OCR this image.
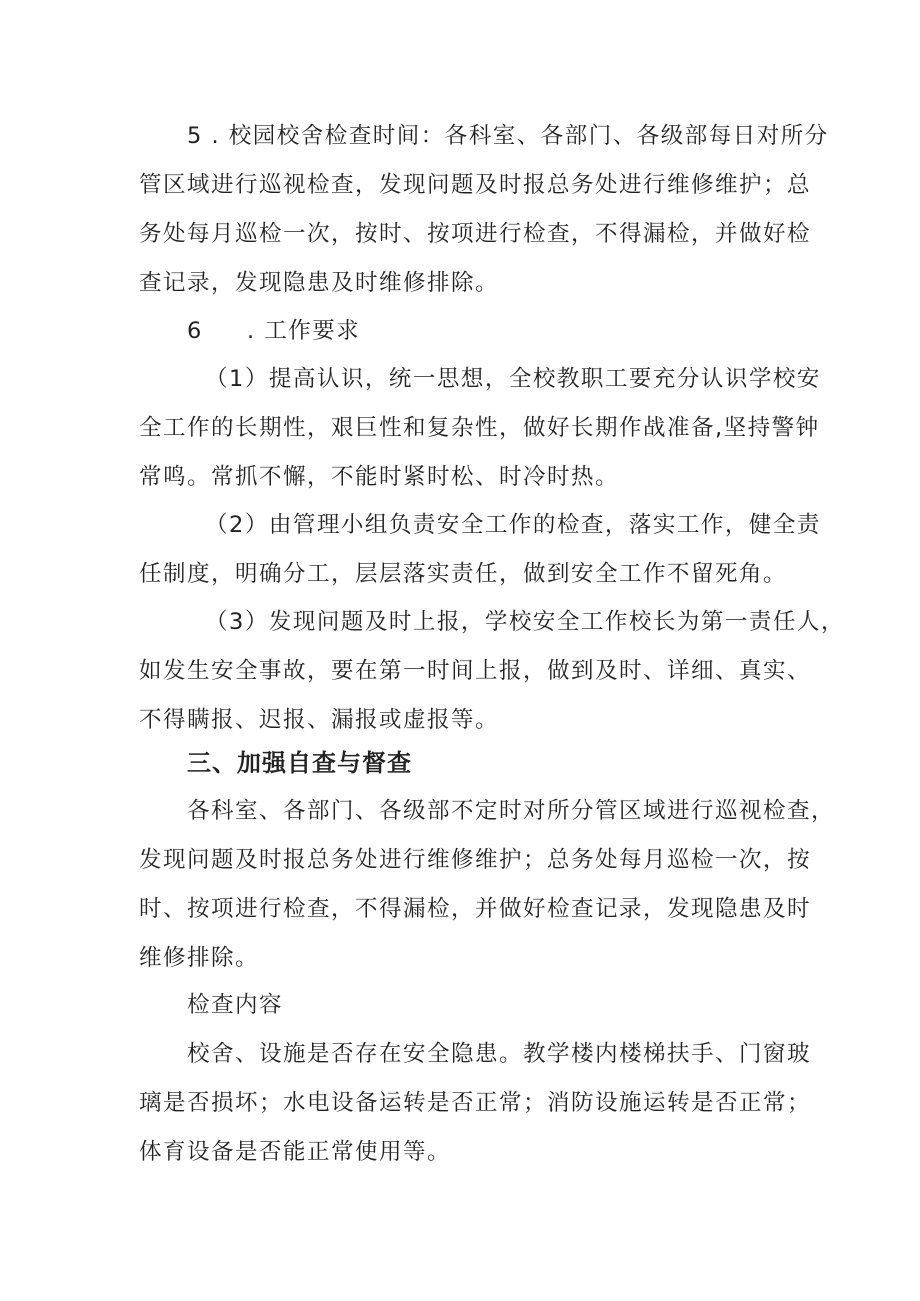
5 . 校园校舍检查时间：各科室、各部门、各级部每日对所分
管区域进行巡视检查，发现问题及时报总务处进行维修维护；总
务处每月巡检一次，按时、按项进行检查，不得漏检，并做好检
查记录，发现隐患及时维修排除。
6 . 工作要求
（1）提高认识，统一思想，全校教职工要充分认识学校安
全工作的长期性，艰巨性和复杂性，做好长期作战准备,坚持警钟
常鸣。常抓不懈，不能时紧时松、时冷时热。
（2）由管理小组负责安全工作的检查，落实工作，健全责
任制度，明确分工，层层落实责任，做到安全工作不留死角。
（3）发现问题及时上报，学校安全工作校长为第一责任人，
如发生安全事故，要在第一时间上报，做到及时、详细、真实、
不得瞒报、迟报、漏报或虚报等。
三、加强自查与督查
各科室、各部门、各级部不定时对所分管区域进行巡视检查，
发现问题及时报总务处进行维修维护；总务处每月巡检一次，按
时、按项进行检查，不得漏检，并做好检查记录，发现隐患及时
维修排除。
检查内容
校舍、设施是否存在安全隐患。教学楼内楼梯扶手、门窗玻
璃是否损坏；水电设备运转是否正常；消防设施运转是否正常；
体育设备是否能正常使用等。
